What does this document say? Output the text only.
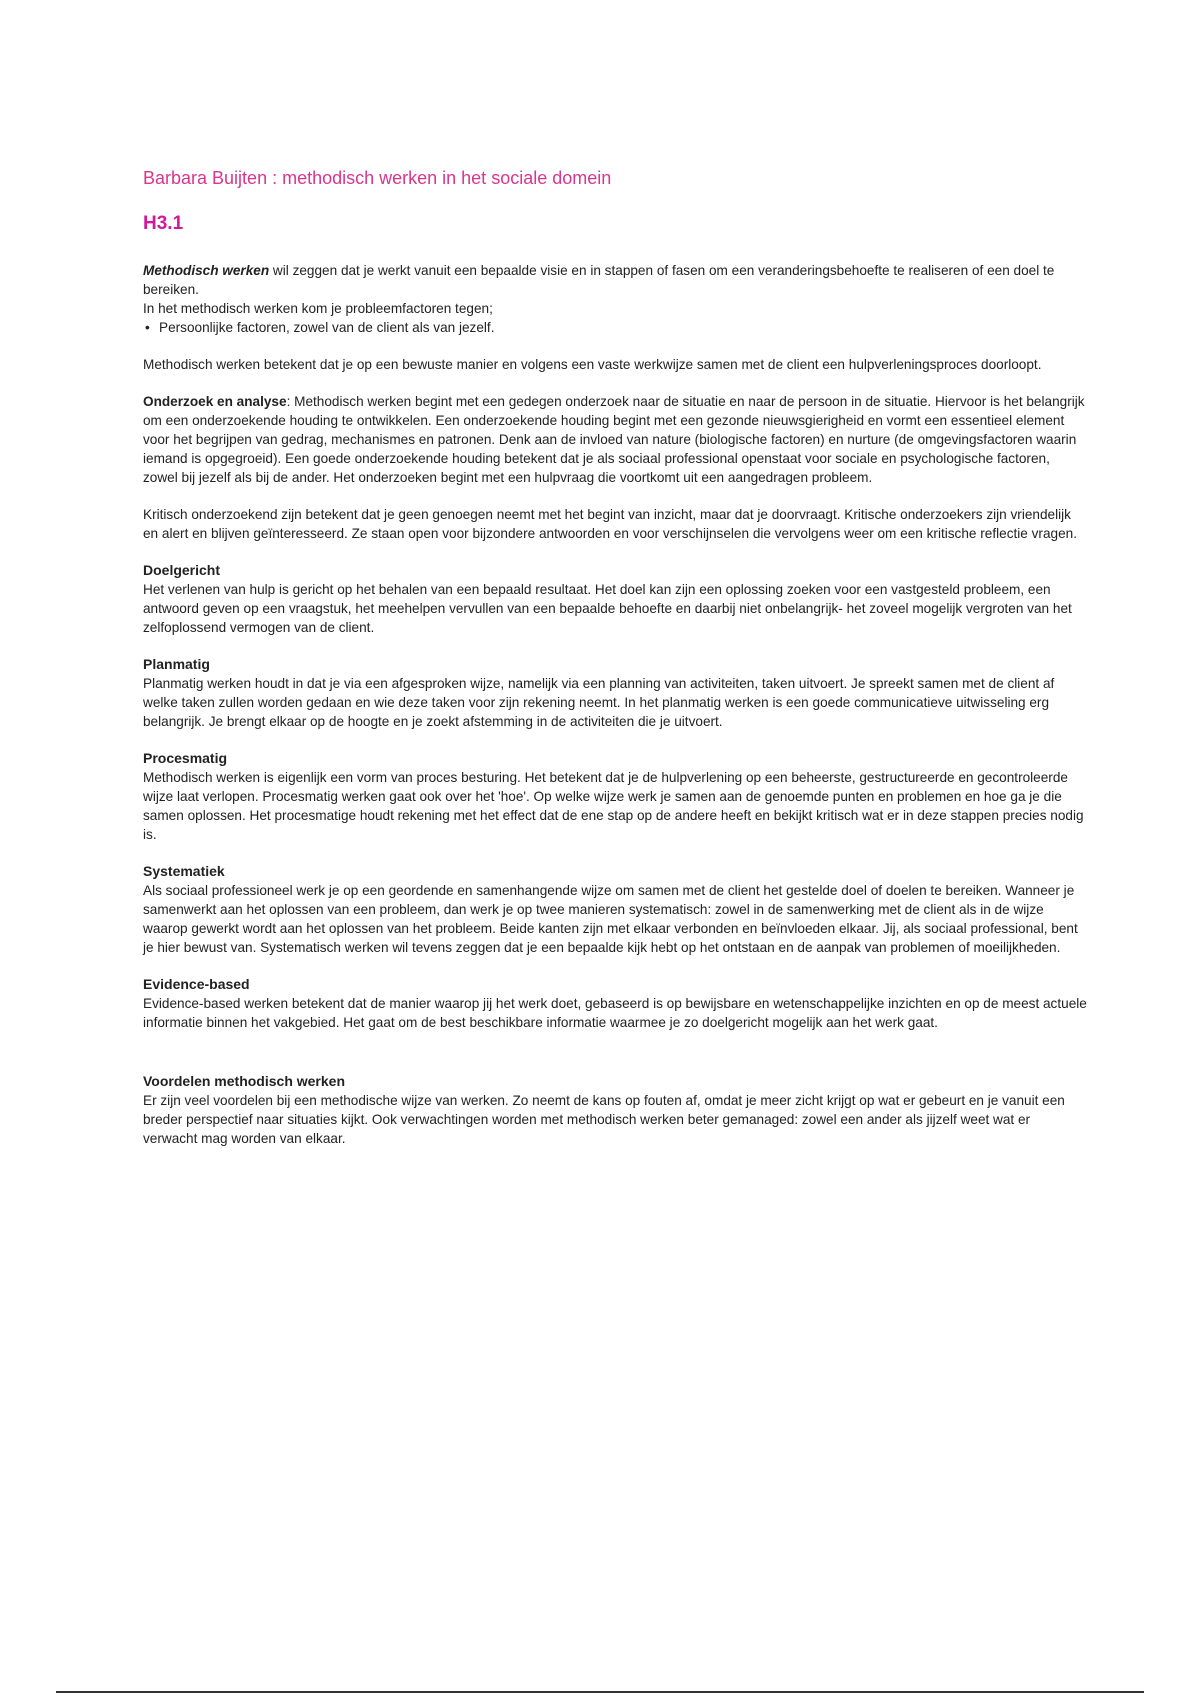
Barbara Buijten : methodisch werken in het sociale domein
H3.1
Methodisch werken wil zeggen dat je werkt vanuit een bepaalde visie en in stappen of fasen om een veranderingsbehoefte te realiseren of een doel te bereiken.
In het methodisch werken kom je probleemfactoren tegen;
• Persoonlijke factoren, zowel van de client als van jezelf.

Methodisch werken betekent dat je op een bewuste manier en volgens een vaste werkwijze samen met de client een hulpverleningsproces doorloopt.

Onderzoek en analyse: Methodisch werken begint met een gedegen onderzoek naar de situatie en naar de persoon in de situatie. Hiervoor is het belangrijk om een onderzoekende houding te ontwikkelen. Een onderzoekende houding begint met een gezonde nieuwsgierigheid en vormt een essentieel element voor het begrijpen van gedrag, mechanismes en patronen. Denk aan de invloed van nature (biologische factoren) en nurture (de omgevingsfactoren waarin iemand is opgegroeid). Een goede onderzoekende houding betekent dat je als sociaal professional openstaat voor sociale en psychologische factoren, zowel bij jezelf als bij de ander. Het onderzoeken begint met een hulpvraag die voortkomt uit een aangedragen probleem.

Kritisch onderzoekend zijn betekent dat je geen genoegen neemt met het begint van inzicht, maar dat je doorvraagt. Kritische onderzoekers zijn vriendelijk en alert en blijven geïnteresseerd. Ze staan open voor bijzondere antwoorden en voor verschijnselen die vervolgens weer om een kritische reflectie vragen.

Doelgericht
Het verlenen van hulp is gericht op het behalen van een bepaald resultaat. Het doel kan zijn een oplossing zoeken voor een vastgesteld probleem, een antwoord geven op een vraagstuk, het meehelpen vervullen van een bepaalde behoefte en daarbij niet onbelangrijk- het zoveel mogelijk vergroten van het zelfoplossend vermogen van de client.
Planmatig
Planmatig werken houdt in dat je via een afgesproken wijze, namelijk via een planning van activiteiten, taken uitvoert. Je spreekt samen met de client af welke taken zullen worden gedaan en wie deze taken voor zijn rekening neemt. In het planmatig werken is een goede communicatieve uitwisseling erg belangrijk. Je brengt elkaar op de hoogte en je zoekt afstemming in de activiteiten die je uitvoert.
Procesmatig
Methodisch werken is eigenlijk een vorm van proces besturing. Het betekent dat je de hulpverlening op een beheerste, gestructureerde en gecontroleerde wijze laat verlopen. Procesmatig werken gaat ook over het 'hoe'. Op welke wijze werk je samen aan de genoemde punten en problemen en hoe ga je die samen oplossen. Het procesmatige houdt rekening met het effect dat de ene stap op de andere heeft en bekijkt kritisch wat er in deze stappen precies nodig is.
Systematiek
Als sociaal professioneel werk je op een geordende en samenhangende wijze om samen met de client het gestelde doel of doelen te bereiken. Wanneer je samenwerkt aan het oplossen van een probleem, dan werk je op twee manieren systematisch: zowel in de samenwerking met de client als in de wijze waarop gewerkt wordt aan het oplossen van het probleem. Beide kanten zijn met elkaar verbonden en beïnvloeden elkaar. Jij, als sociaal professional, bent je hier bewust van. Systematisch werken wil tevens zeggen dat je een bepaalde kijk hebt op het ontstaan en de aanpak van problemen of moeilijkheden.
Evidence-based
Evidence-based werken betekent dat de manier waarop jij het werk doet, gebaseerd is op bewijsbare en wetenschappelijke inzichten en op de meest actuele informatie binnen het vakgebied. Het gaat om de best beschikbare informatie waarmee je zo doelgericht mogelijk aan het werk gaat.
Voordelen methodisch werken
Er zijn veel voordelen bij een methodische wijze van werken. Zo neemt de kans op fouten af, omdat je meer zicht krijgt op wat er gebeurt en je vanuit een breder perspectief naar situaties kijkt. Ook verwachtingen worden met methodisch werken beter gemanaged: zowel een ander als jijzelf weet wat er verwacht mag worden van elkaar.
